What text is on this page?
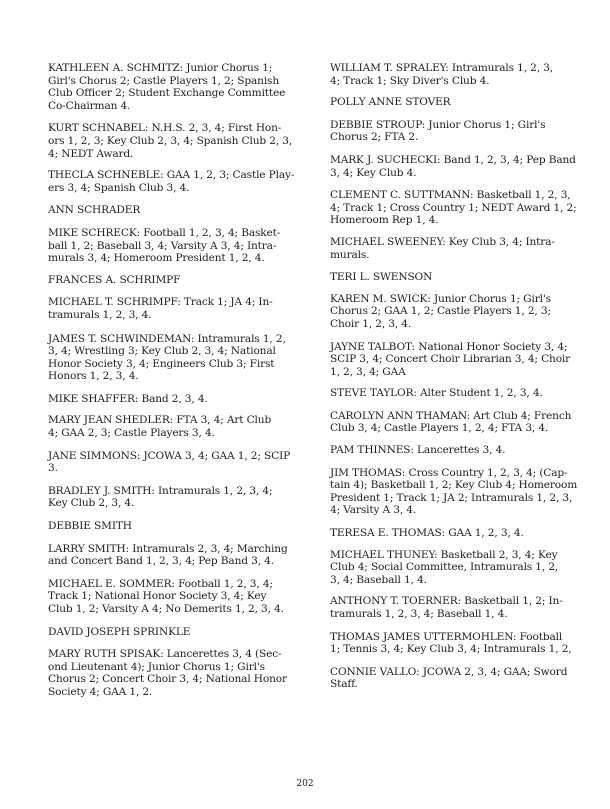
KATHLEEN A. SCHMITZ: Junior Chorus 1;
Girl's Chorus 2; Castle Players 1, 2; Spanish
Club Officer 2; Student Exchange Committee
Co-Chairman 4.

KURT SCHNABEL: N.H.S. 2, 3, 4; First Hon-
ors 1, 2, 3; Key Club 2, 3, 4; Spanish Club 2, 3,
4; NEDT Award.

THECLA SCHNEBLE: GAA 1, 2, 3; Castle Play-
ers 3, 4; Spanish Club 3, 4.

ANN SCHRADER

MIKE SCHRECK: Football 1, 2, 3, 4; Basket-
ball 1, 2; Baseball 3, 4; Varsity A 3, 4; Intra-
murals 3, 4; Homeroom President 1, 2, 4.

FRANCES A. SCHRIMPF

MICHAEL T. SCHRIMPF: Track 1; JA 4; In-
tramurals 1, 2, 3, 4.

JAMES T. SCHWINDEMAN: Intramurals 1, 2,
3, 4; Wrestling 3; Key Club 2, 3, 4; National
Honor Society 3, 4; Engineers Club 3; First
Honors 1, 2, 3, 4.

MIKE SHAFFER: Band 2, 3, 4.

MARY JEAN SHEDLER: FTA 3, 4; Art Club
4; GAA 2, 3; Castle Players 3, 4.

JANE SIMMONS: JCOWA 3, 4; GAA 1, 2; SCIP
3.

BRADLEY J. SMITH: Intramurals 1, 2, 3, 4;
Key Club 2, 3, 4.

DEBBIE SMITH

LARRY SMITH: Intramurals 2, 3, 4; Marching
and Concert Band 1, 2, 3, 4; Pep Band 3, 4.

MICHAEL E. SOMMER: Football 1, 2, 3, 4;
Track 1; National Honor Society 3, 4; Key
Club 1, 2; Varsity A 4; No Demerits 1, 2, 3, 4.

DAVID JOSEPH SPRINKLE

MARY RUTH SPISAK: Lancerettes 3, 4 (Sec-
ond Lieutenant 4); Junior Chorus 1; Girl's
Chorus 2; Concert Choir 3, 4; National Honor
Society 4; GAA 1, 2.

WILLIAM T. SPRALEY: Intramurals 1, 2, 3,
4; Track 1; Sky Diver's Club 4.

POLLY ANNE STOVER

DEBBIE STROUP: Junior Chorus 1; Girl's
Chorus 2; FTA 2.

MARK J. SUCHECKI: Band 1, 2, 3, 4; Pep Band
3, 4; Key Club 4.

CLEMENT C. SUTTMANN: Basketball 1, 2, 3,
4; Track 1; Cross Country 1; NEDT Award 1, 2;
Homeroom Rep 1, 4.

MICHAEL SWEENEY: Key Club 3, 4; Intra-
murals.

TERI L. SWENSON

KAREN M. SWICK: Junior Chorus 1; Girl's
Chorus 2; GAA 1, 2; Castle Players 1, 2, 3;
Choir 1, 2, 3, 4.

JAYNE TALBOT: National Honor Society 3, 4;
SCIP 3, 4; Concert Choir Librarian 3, 4; Choir
1, 2, 3, 4; GAA

STEVE TAYLOR: Alter Student 1, 2, 3, 4.

CAROLYN ANN THAMAN: Art Club 4; French
Club 3, 4; Castle Players 1, 2, 4; FTA 3, 4.

PAM THINNES: Lancerettes 3, 4.

JIM THOMAS: Cross Country 1, 2, 3, 4; (Cap-
tain 4); Basketball 1, 2; Key Club 4; Homeroom
President 1; Track 1; JA 2; Intramurals 1, 2, 3,
4; Varsity A 3, 4.

TERESA E. THOMAS: GAA 1, 2, 3, 4.

MICHAEL THUNEY: Basketball 2, 3, 4; Key
Club 4; Social Committee, Intramurals 1, 2,
3, 4; Baseball 1, 4.

ANTHONY T. TOERNER: Basketball 1, 2; In-
tramurals 1, 2, 3, 4; Baseball 1, 4.

THOMAS JAMES UTTERMOHLEN: Football
1; Tennis 3, 4; Key Club 3, 4; Intramurals 1, 2,

CONNIE VALLO: JCOWA 2, 3, 4; GAA; Sword
Staff.

202
